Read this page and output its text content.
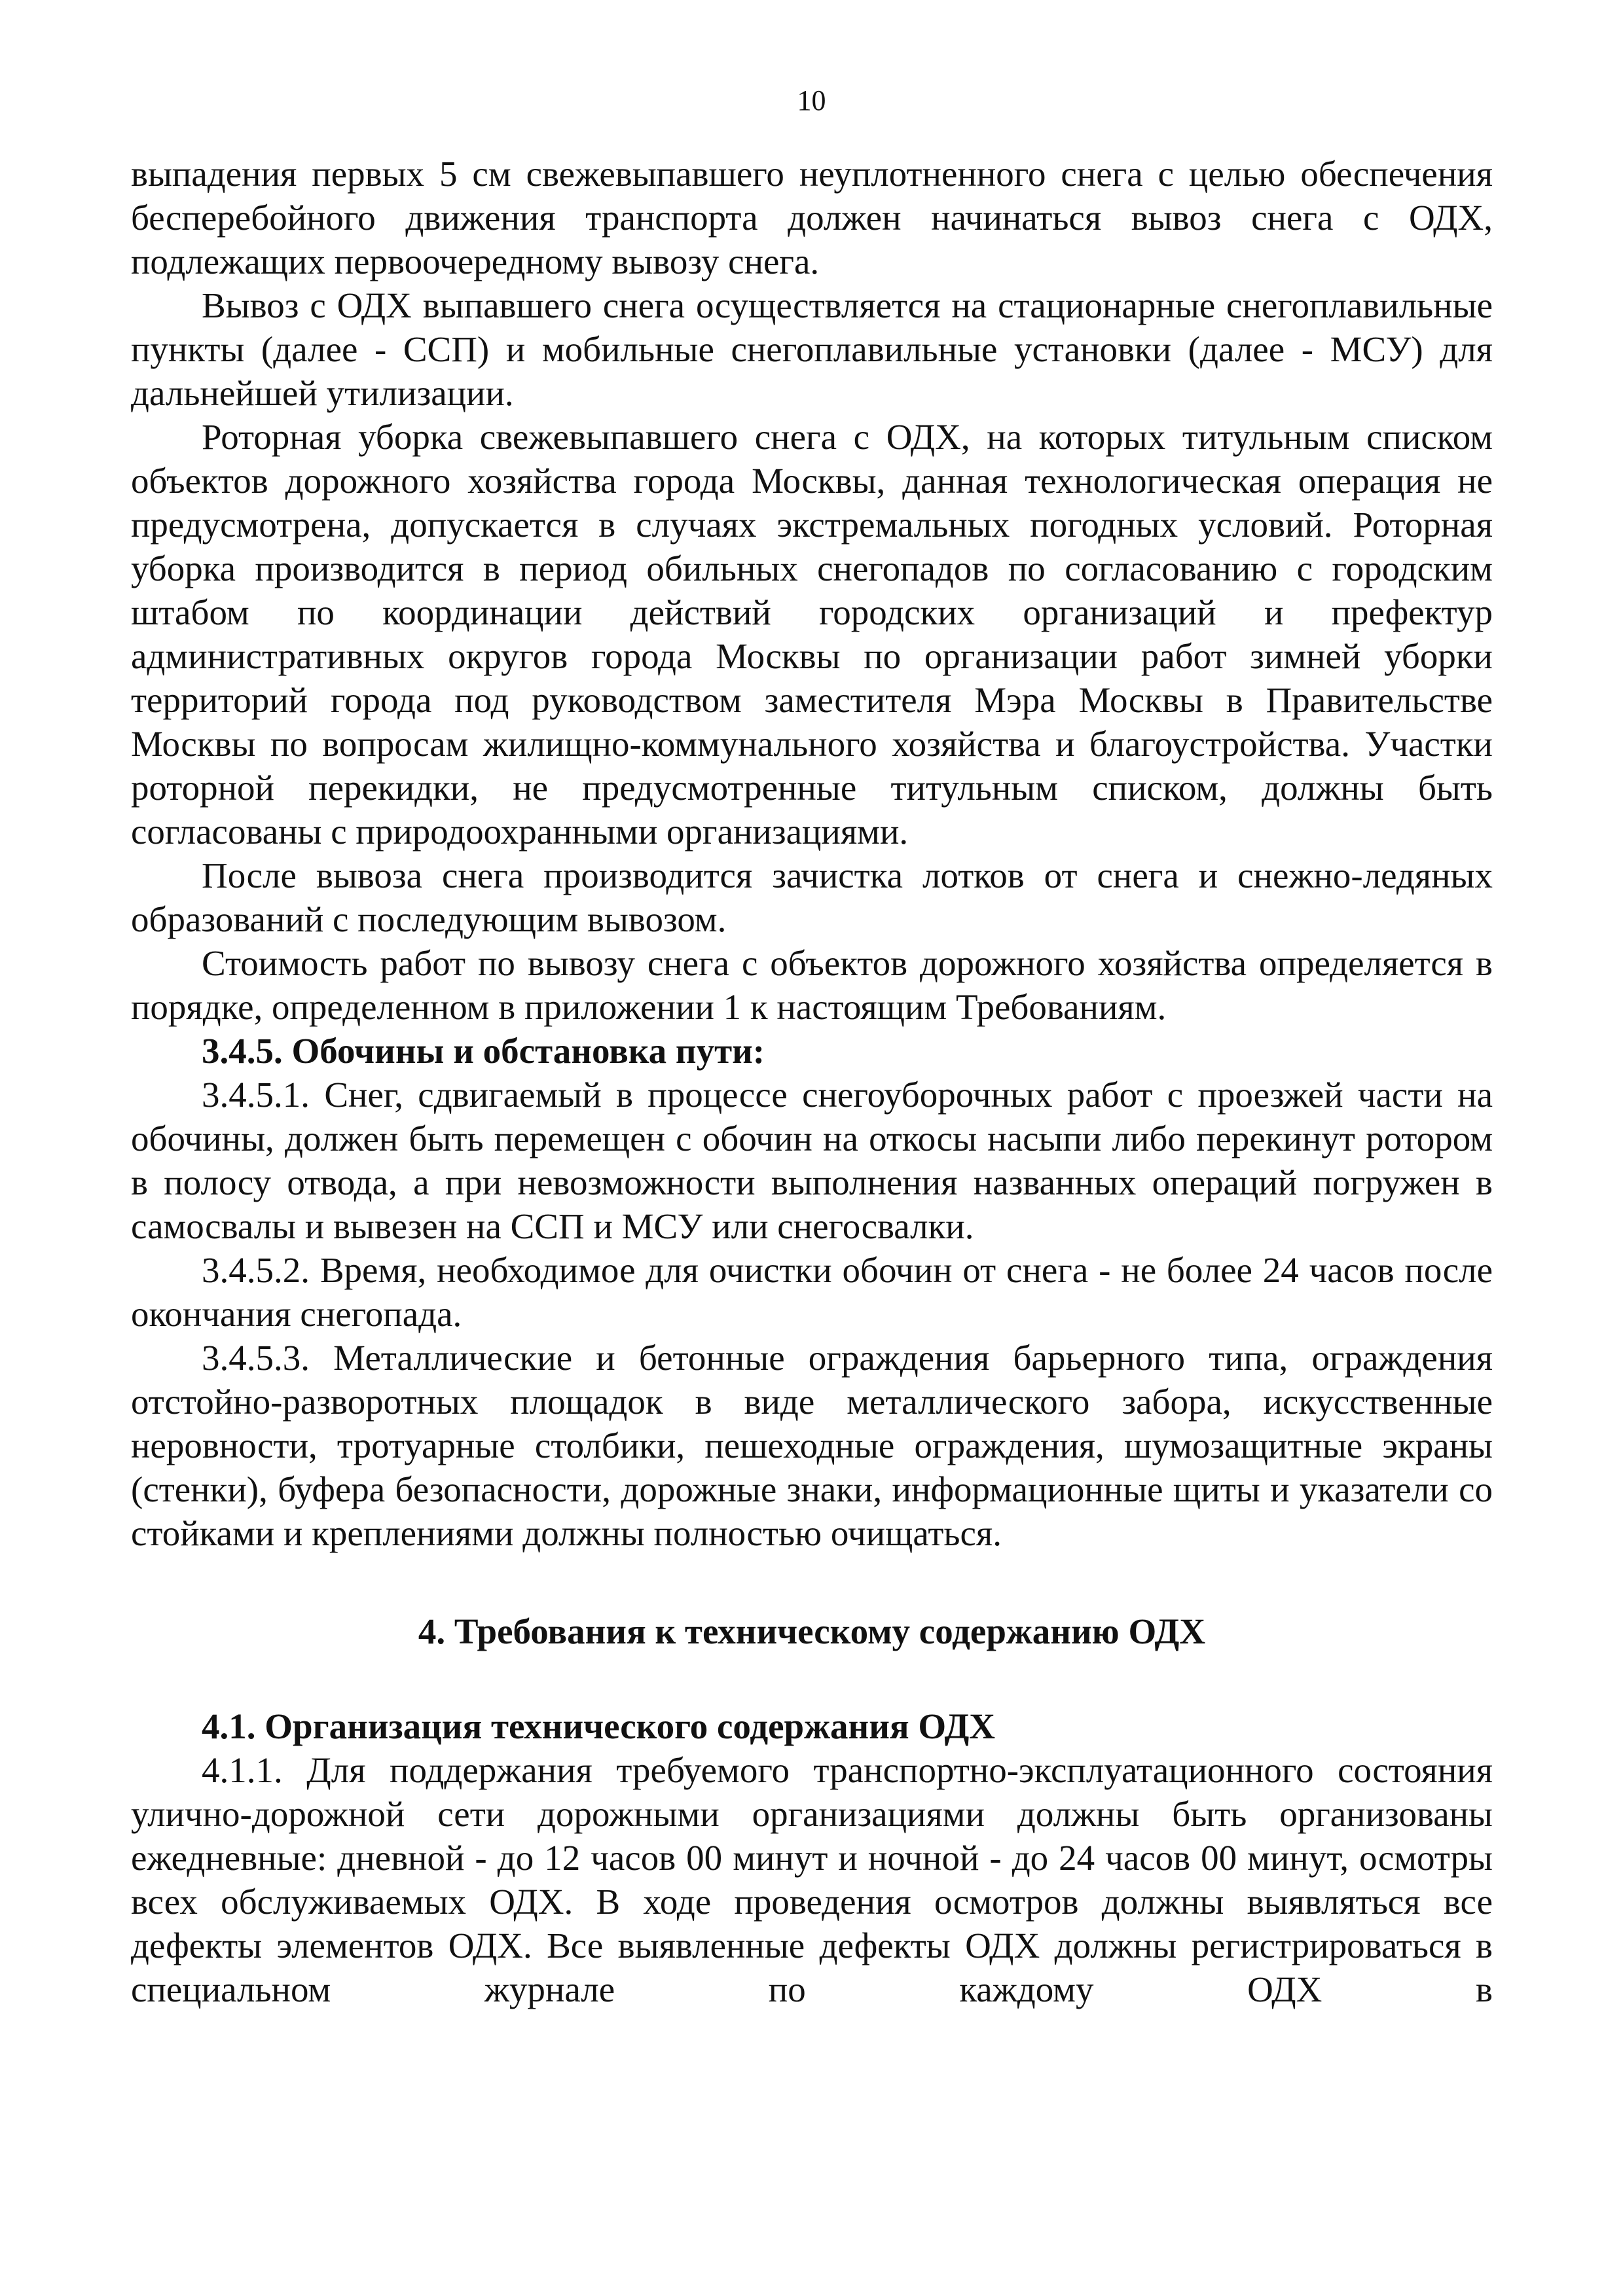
10

выпадения первых 5 см свежевыпавшего неуплотненного снега с целью обеспечения бесперебойного движения транспорта должен начинаться вывоз снега с ОДХ, подлежащих первоочередному вывозу снега.

Вывоз с ОДХ выпавшего снега осуществляется на стационарные снегоплавильные пункты (далее - ССП) и мобильные снегоплавильные установки (далее - МСУ) для дальнейшей утилизации.

Роторная уборка свежевыпавшего снега с ОДХ, на которых титульным списком объектов дорожного хозяйства города Москвы, данная технологическая операция не предусмотрена, допускается в случаях экстремальных погодных условий. Роторная уборка производится в период обильных снегопадов по согласованию с городским штабом по координации действий городских организаций и префектур административных округов города Москвы по организации работ зимней уборки территорий города под руководством заместителя Мэра Москвы в Правительстве Москвы по вопросам жилищно-коммунального хозяйства и благоустройства. Участки роторной перекидки, не предусмотренные титульным списком, должны быть согласованы с природоохранными организациями.

После вывоза снега производится зачистка лотков от снега и снежно-ледяных образований с последующим вывозом.

Стоимость работ по вывозу снега с объектов дорожного хозяйства определяется в порядке, определенном в приложении 1 к настоящим Требованиям.

3.4.5. Обочины и обстановка пути:

3.4.5.1. Снег, сдвигаемый в процессе снегоуборочных работ с проезжей части на обочины, должен быть перемещен с обочин на откосы насыпи либо перекинут ротором в полосу отвода, а при невозможности выполнения названных операций погружен в самосвалы и вывезен на ССП и МСУ или снегосвалки.

3.4.5.2. Время, необходимое для очистки обочин от снега - не более 24 часов после окончания снегопада.

3.4.5.3. Металлические и бетонные ограждения барьерного типа, ограждения отстойно-разворотных площадок в виде металлического забора, искусственные неровности, тротуарные столбики, пешеходные ограждения, шумозащитные экраны (стенки), буфера безопасности, дорожные знаки, информационные щиты и указатели со стойками и креплениями должны полностью очищаться.

4. Требования к техническому содержанию ОДХ

4.1. Организация технического содержания ОДХ

4.1.1. Для поддержания требуемого транспортно-эксплуатационного состояния улично-дорожной сети дорожными организациями должны быть организованы ежедневные: дневной - до 12 часов 00 минут и ночной - до 24 часов 00 минут, осмотры всех обслуживаемых ОДХ. В ходе проведения осмотров должны выявляться все дефекты элементов ОДХ. Все выявленные дефекты ОДХ должны регистрироваться в специальном журнале по каждому ОДХ в
